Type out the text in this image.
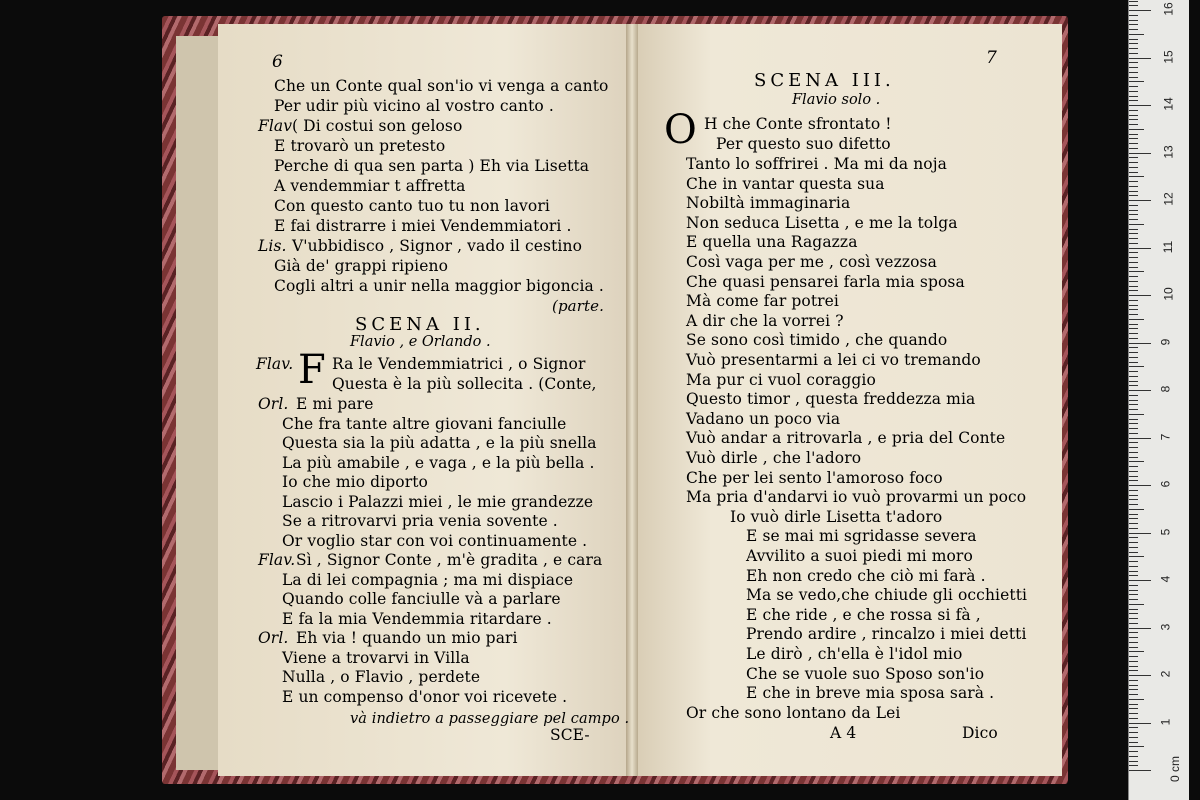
0 cm
1
2
3
4
5
6
7
8
9
10
11
12
13
14
15
16
6
Che un Conte qual son'io vi venga a canto
Per udir più vicino al vostro canto .
Flav ( Di costui son geloso
E trovarò un pretesto
Perche di qua sen parta ) Eh via Lisetta
A vendemmiar t affretta
Con questo canto tuo tu non lavori
E fai distrarre i miei Vendemmiatori .
Lis. V'ubbidisco , Signor , vado il cestino
Già de' grappi ripieno
Cogli altri a unir nella maggior bigoncia .
(parte.
SCENA II.
Flavio , e Orlando .
Flav. F Ra le Vendemmiatrici , o Signor
Questa è la più sollecita . (Conte,
Orl. E mi pare
Che fra tante altre giovani fanciulle
Questa sia la più adatta , e la più snella
La più amabile , e vaga , e la più bella .
Io che mio diporto
Lascio i Palazzi miei , le mie grandezze
Se a ritrovarvi pria venia sovente .
Or voglio star con voi continuamente .
Flav. Sì , Signor Conte , m'è gradita , e cara
La di lei compagnia ; ma mi dispiace
Quando colle fanciulle và a parlare
E fa la mia Vendemmia ritardare .
Orl. Eh via ! quando un mio pari
Viene a trovarvi in Villa
Nulla , o Flavio , perdete
E un compenso d'onor voi ricevete .
và indietro a passeggiare pel campo .
SCE-
7
SCENA III.
Flavio solo .
O H che Conte sfrontato !
Per questo suo difetto
Tanto lo soffrirei . Ma mi da noja
Che in vantar questa sua
Nobiltà immaginaria
Non seduca Lisetta , e me la tolga
E quella una Ragazza
Così vaga per me , così vezzosa
Che quasi pensarei farla mia sposa
Mà come far potrei
A dir che la vorrei ?
Se sono così timido , che quando
Vuò presentarmi a lei ci vo tremando
Ma pur ci vuol coraggio
Questo timor , questa freddezza mia
Vadano un poco via
Vuò andar a ritrovarla , e pria del Conte
Vuò dirle , che l'adoro
Che per lei sento l'amoroso foco
Ma pria d'andarvi io vuò provarmi un poco
Io vuò dirle Lisetta t'adoro
E se mai mi sgridasse severa
Avvilito a suoi piedi mi moro
Eh non credo che ciò mi farà .
Ma se vedo,che chiude gli occhietti
E che ride , e che rossa si fà ,
Prendo ardire , rincalzo i miei detti
Le dirò , ch'ella è l'idol mio
Che se vuole suo Sposo son'io
E che in breve mia sposa sarà .
Or che sono lontano da Lei
A 4	Dico
